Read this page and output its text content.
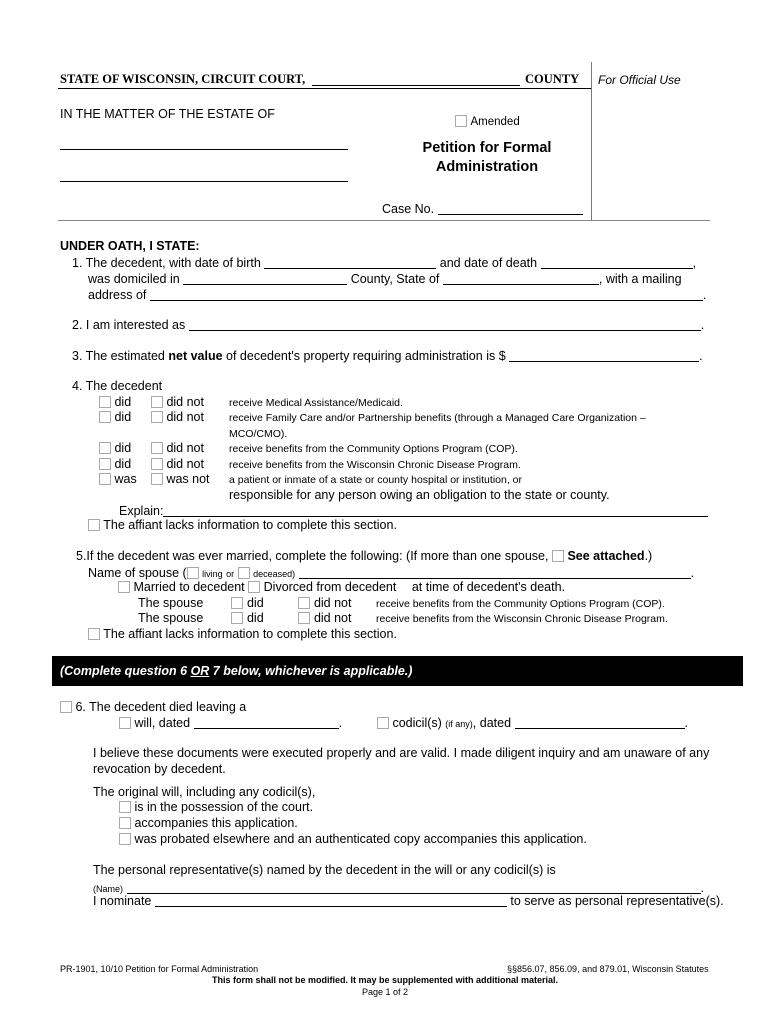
STATE OF WISCONSIN, CIRCUIT COURT,	COUNTY For Official Use
IN THE MATTER OF THE ESTATE OF
Amended
Petition for Formal
Administration
Case No.
UNDER OATH, I STATE:
1. The decedent, with date of birth	and date of death	,
was domiciled in	County, State of	, with a mailing
address of	.
2. I am interested as	.
3. The estimated net value of decedent's property requiring administration is $	.
4. The decedent
did	did not receive Medical Assistance/Medicaid.
did	did not receive Family Care and/or Partnership benefits (through a Managed Care Organization –
MCO/CMO).
did	did not receive benefits from the Community Options Program (COP).
did	did not receive benefits from the Wisconsin Chronic Disease Program.
was was not a patient or inmate of a state or county hospital or institution, or
responsible for any person owing an obligation to the state or county.
Explain:
The affiant lacks information to complete this section.
5.If the decedent was ever married, complete the following: (If more than one spouse, See attached.)
Name of spouse ( living or deceased)	.
Married to decedent Divorced from decedent at time of decedent's death.
The spouse	did	did not receive benefits from the Community Options Program (COP).
The spouse	did	did not receive benefits from the Wisconsin Chronic Disease Program.
The affiant lacks information to complete this section.
(Complete question 6 OR 7 below, whichever is applicable.)
6. The decedent died leaving a
will, dated	.	codicil(s) (if any), dated	.
I believe these documents were executed properly and are valid. I made diligent inquiry and am unaware of any
revocation by decedent.
The original will, including any codicil(s),
is in the possession of the court.
accompanies this application.
was probated elsewhere and an authenticated copy accompanies this application.
The personal representative(s) named by the decedent in the will or any codicil(s) is
(Name)	.
I nominate	to serve as personal representative(s).
PR-1901, 10/10 Petition for Formal Administration	§§856.07, 856.09, and 879.01, Wisconsin Statutes
This form shall not be modified. It may be supplemented with additional material.
Page 1 of 2
